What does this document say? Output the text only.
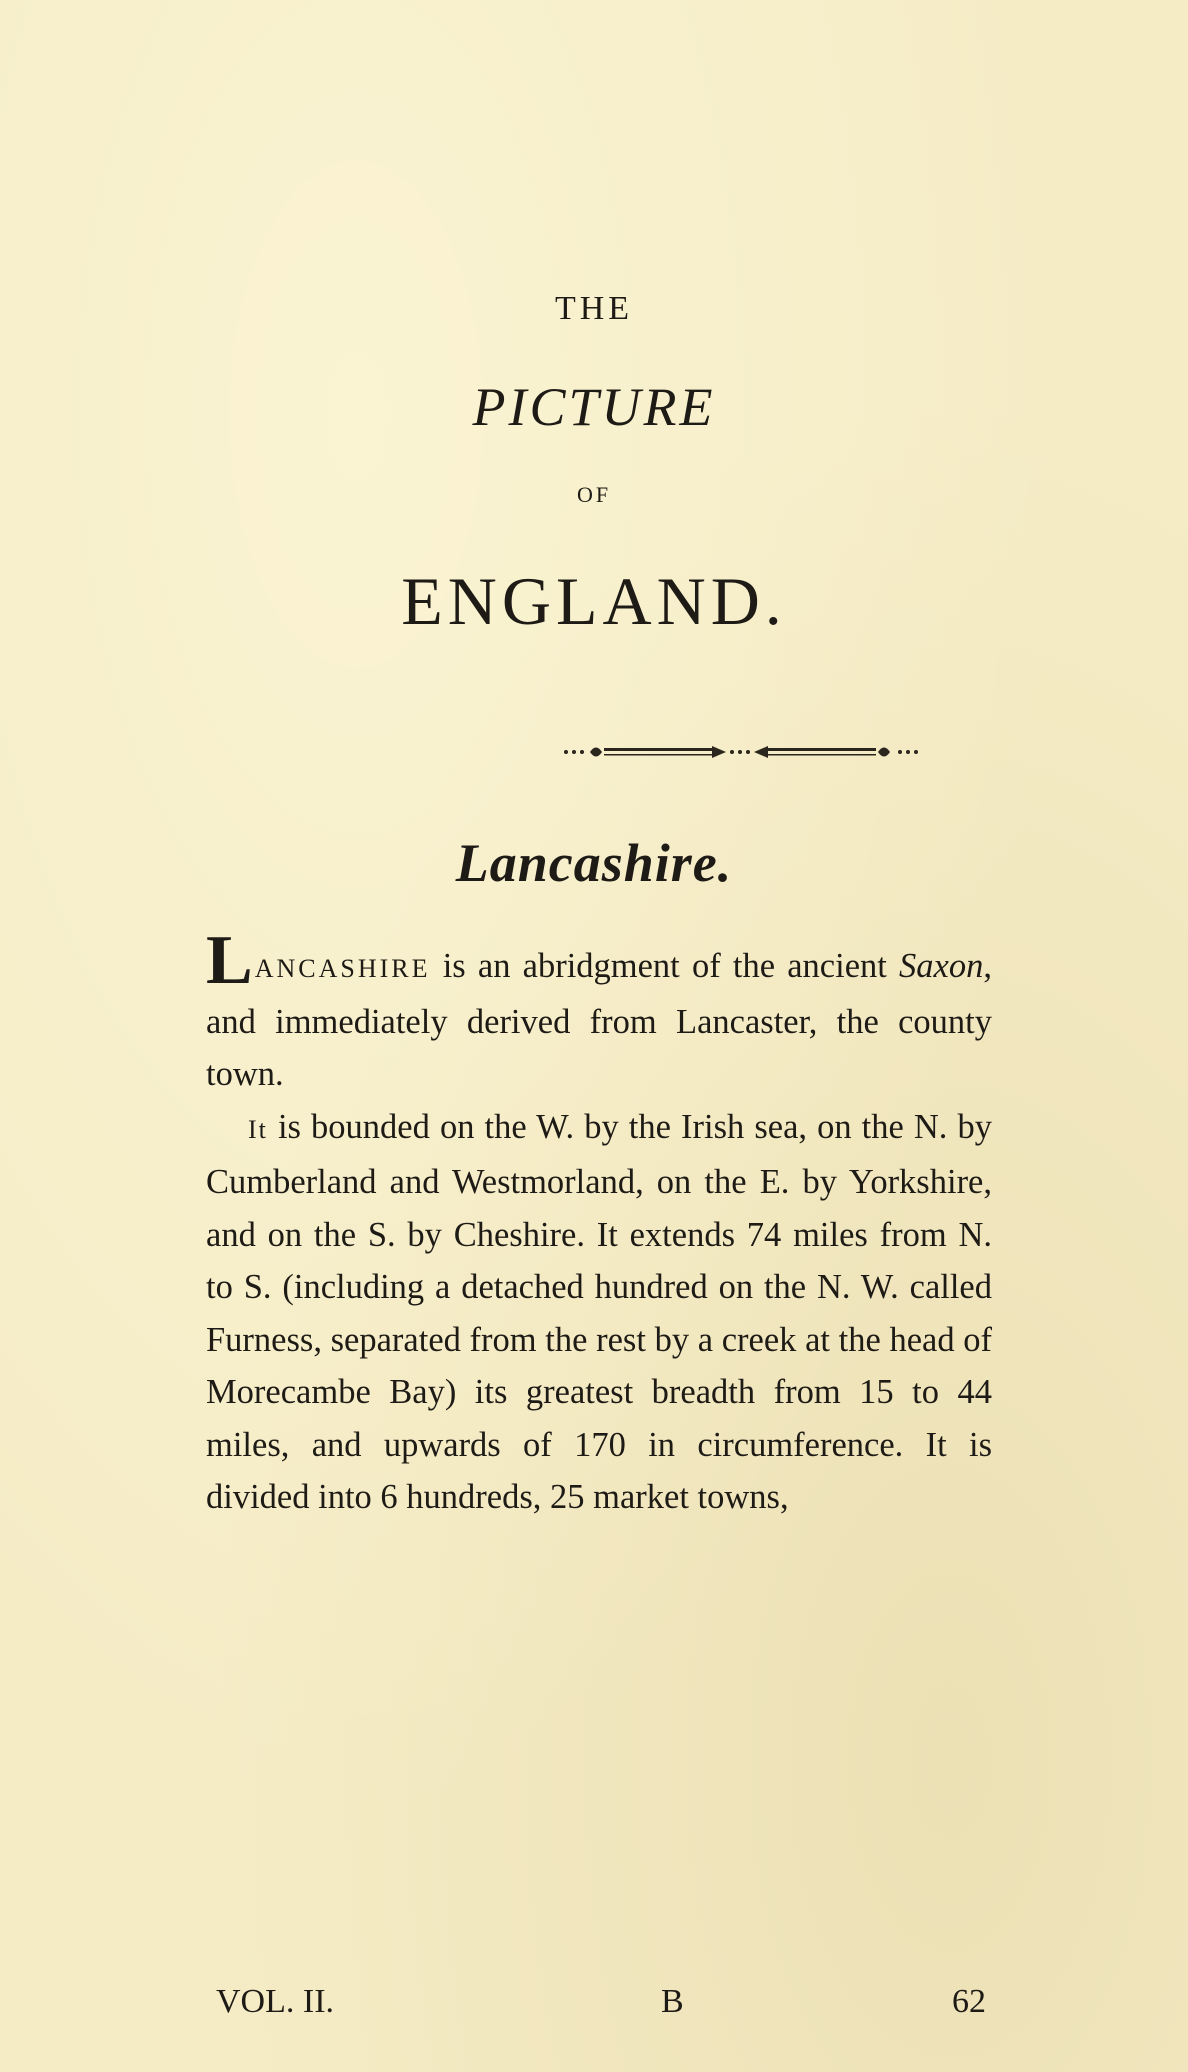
THE
PICTURE
OF
ENGLAND.
Lancashire.

LANCASHIRE is an abridgment of the ancient Saxon, and immediately derived from Lancaster, the county town.

It is bounded on the W. by the Irish sea, on the N. by Cumberland and Westmorland, on the E. by Yorkshire, and on the S. by Cheshire. It extends 74 miles from N. to S. (including a detached hundred on the N. W. called Furness, separated from the rest by a creek at the head of Morecambe Bay) its greatest breadth from 15 to 44 miles, and upwards of 170 in circumference. It is divided into 6 hundreds, 25 market towns,

VOL. II.	B	62
